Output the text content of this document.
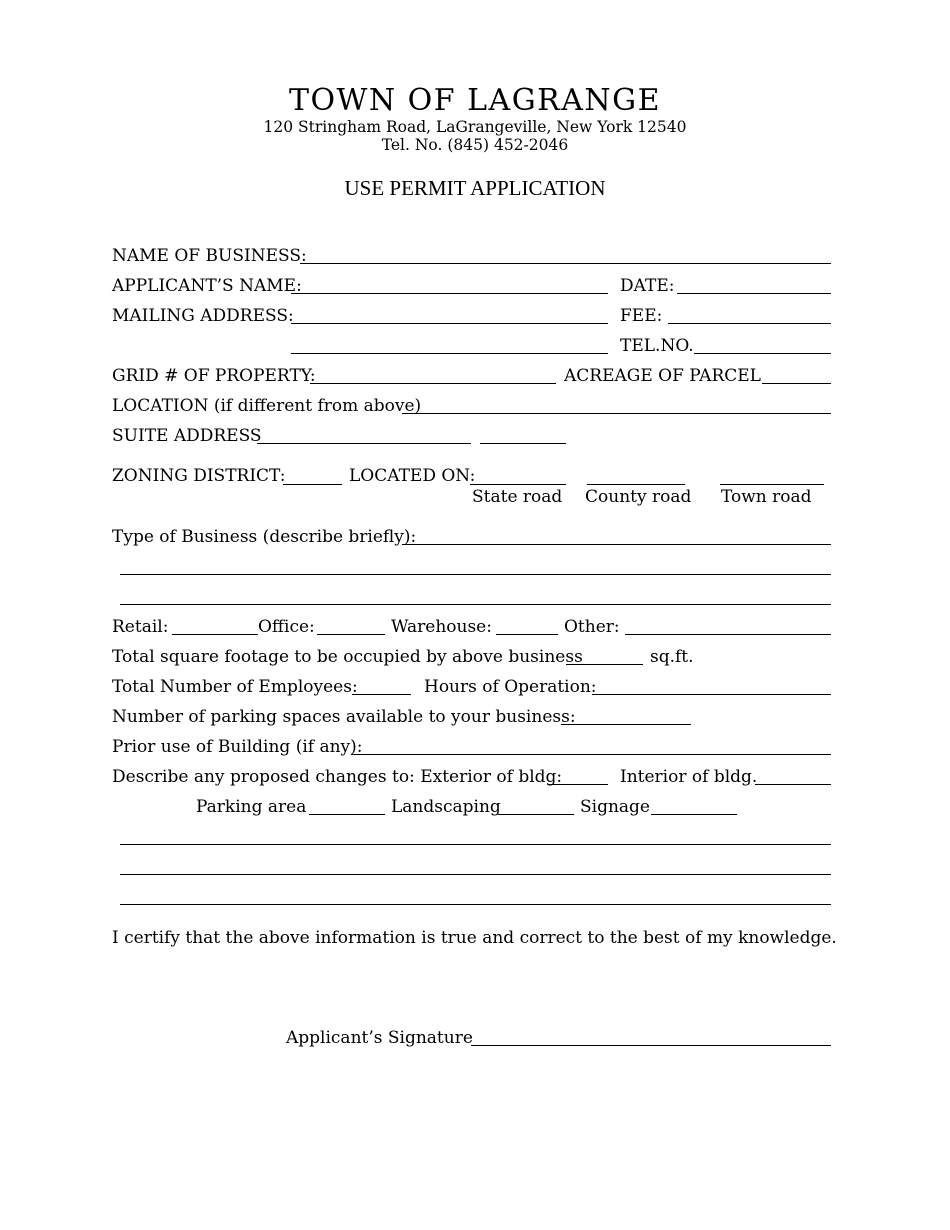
TOWN OF LAGRANGE
120 Stringham Road, LaGrangeville, New York 12540
Tel. No. (845) 452-2046
USE PERMIT APPLICATION
NAME OF BUSINESS:
APPLICANT’S NAME:	DATE:
MAILING ADDRESS:	FEE:
TEL.NO.
GRID # OF PROPERTY:	ACREAGE OF PARCEL
LOCATION (if different from above)
SUITE ADDRESS
ZONING DISTRICT:	LOCATED ON:
State road County road Town road
Type of Business (describe briefly):
Retail:	Office:	Warehouse:	Other:
Total square footage to be occupied by above business	sq.ft.
Total Number of Employees:	Hours of Operation:
Number of parking spaces available to your business:
Prior use of Building (if any):
Describe any proposed changes to: Exterior of bldg:	Interior of bldg.
Parking area	Landscaping	Signage
I certify that the above information is true and correct to the best of my knowledge.
Applicant’s Signature
